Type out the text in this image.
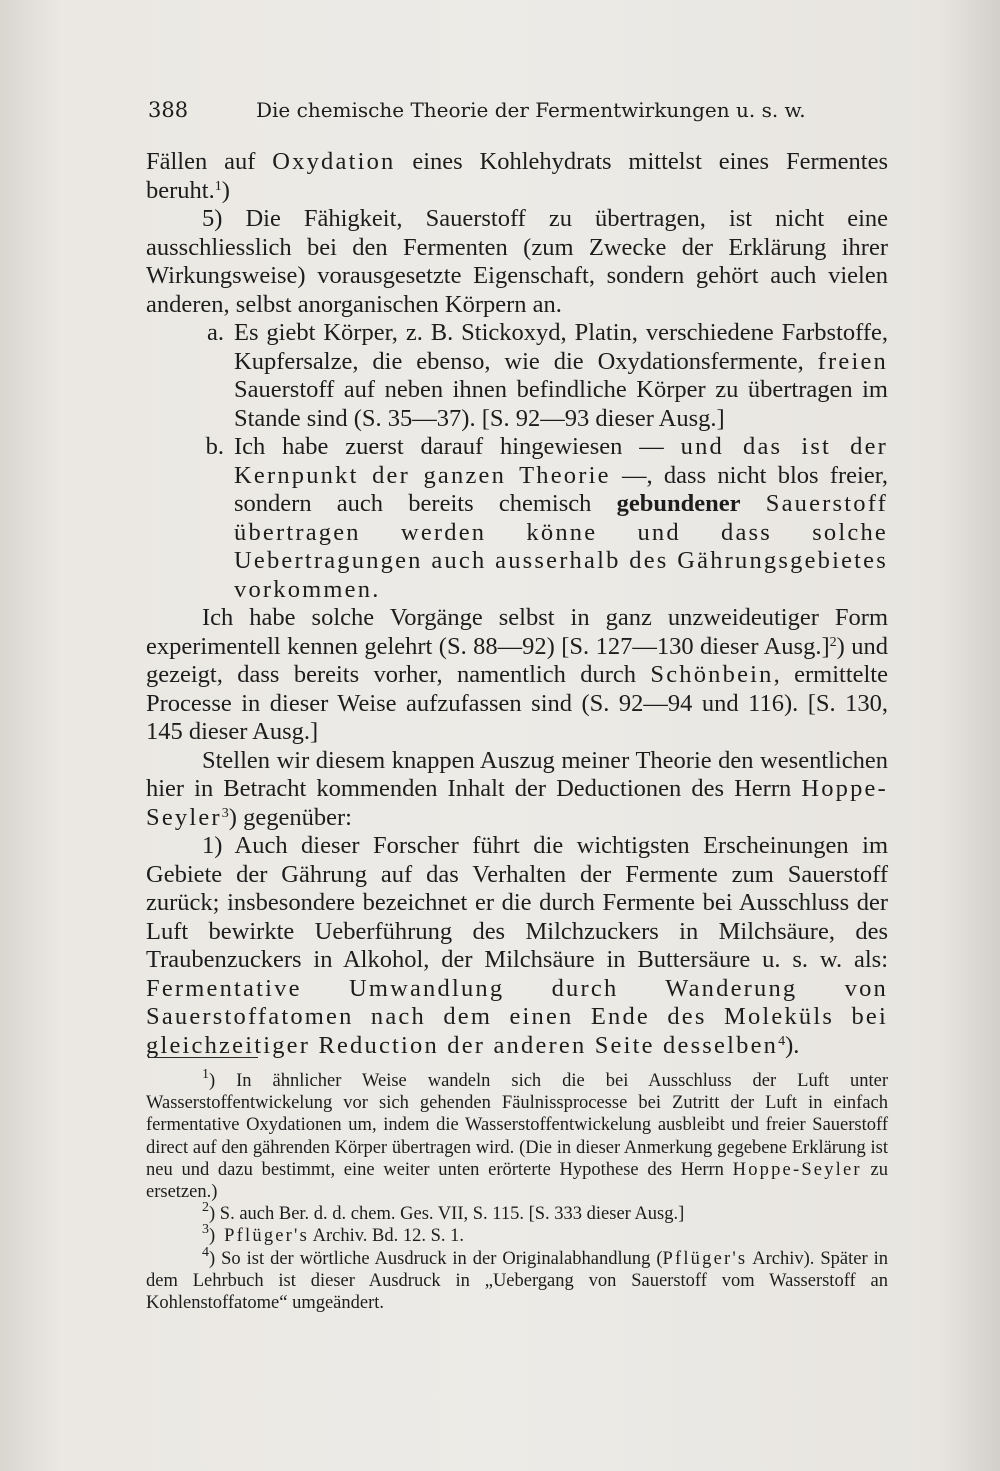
388	Die chemische Theorie der Fermentwirkungen u. s. w.

Fällen auf Oxydation eines Kohlehydrats mittelst eines Fermentes beruht.$^1$)

5) Die Fähigkeit, Sauerstoff zu übertragen, ist nicht eine ausschliesslich bei den Fermenten (zum Zwecke der Erklärung ihrer Wirkungsweise) vorausgesetzte Eigenschaft, sondern gehört auch vielen anderen, selbst anorganischen Körpern an.

a. Es giebt Körper, z. B. Stickoxyd, Platin, verschiedene Farbstoffe, Kupfersalze, die ebenso, wie die Oxydationsfermente, freien Sauerstoff auf neben ihnen befindliche Körper zu übertragen im Stande sind (S. 35—37). [S. 92—93 dieser Ausg.]
b. Ich habe zuerst darauf hingewiesen — und das ist der Kernpunkt der ganzen Theorie —, dass nicht blos freier, sondern auch bereits chemisch gebundener Sauerstoff übertragen werden könne und dass solche Uebertragungen auch ausserhalb des Gährungsgebietes vorkommen.

Ich habe solche Vorgänge selbst in ganz unzweideutiger Form experimentell kennen gelehrt (S. 88—92) [S. 127—130 dieser Ausg.]$^2$) und gezeigt, dass bereits vorher, namentlich durch Schönbein, ermittelte Processe in dieser Weise aufzufassen sind (S. 92—94 und 116). [S. 130, 145 dieser Ausg.]

Stellen wir diesem knappen Auszug meiner Theorie den wesentlichen hier in Betracht kommenden Inhalt der Deductionen des Herrn Hoppe-Seyler$^3$) gegenüber:

1) Auch dieser Forscher führt die wichtigsten Erscheinungen im Gebiete der Gährung auf das Verhalten der Fermente zum Sauerstoff zurück; insbesondere bezeichnet er die durch Fermente bei Ausschluss der Luft bewirkte Ueberführung des Milchzuckers in Milchsäure, des Traubenzuckers in Alkohol, der Milchsäure in Buttersäure u. s. w. als: Fermentative Umwandlung durch Wanderung von Sauerstoffatomen nach dem einen Ende des Moleküls bei gleichzeitiger Reduction der anderen Seite desselben$^4$).

$^1$) In ähnlicher Weise wandeln sich die bei Ausschluss der Luft unter Wasserstoffentwickelung vor sich gehenden Fäulnissprocesse bei Zutritt der Luft in einfach fermentative Oxydationen um, indem die Wasserstoffentwickelung ausbleibt und freier Sauerstoff direct auf den gährenden Körper übertragen wird. (Die in dieser Anmerkung gegebene Erklärung ist neu und dazu bestimmt, eine weiter unten erörterte Hypothese des Herrn Hoppe-Seyler zu ersetzen.)

$^2$) S. auch Ber. d. d. chem. Ges. VII, S. 115. [S. 333 dieser Ausg.]

$^3$) Pflüger's Archiv. Bd. 12. S. 1.

$^4$) So ist der wörtliche Ausdruck in der Originalabhandlung (Pflüger's Archiv). Später in dem Lehrbuch ist dieser Ausdruck in „Uebergang von Sauerstoff vom Wasserstoff an Kohlenstoffatome“ umgeändert.
